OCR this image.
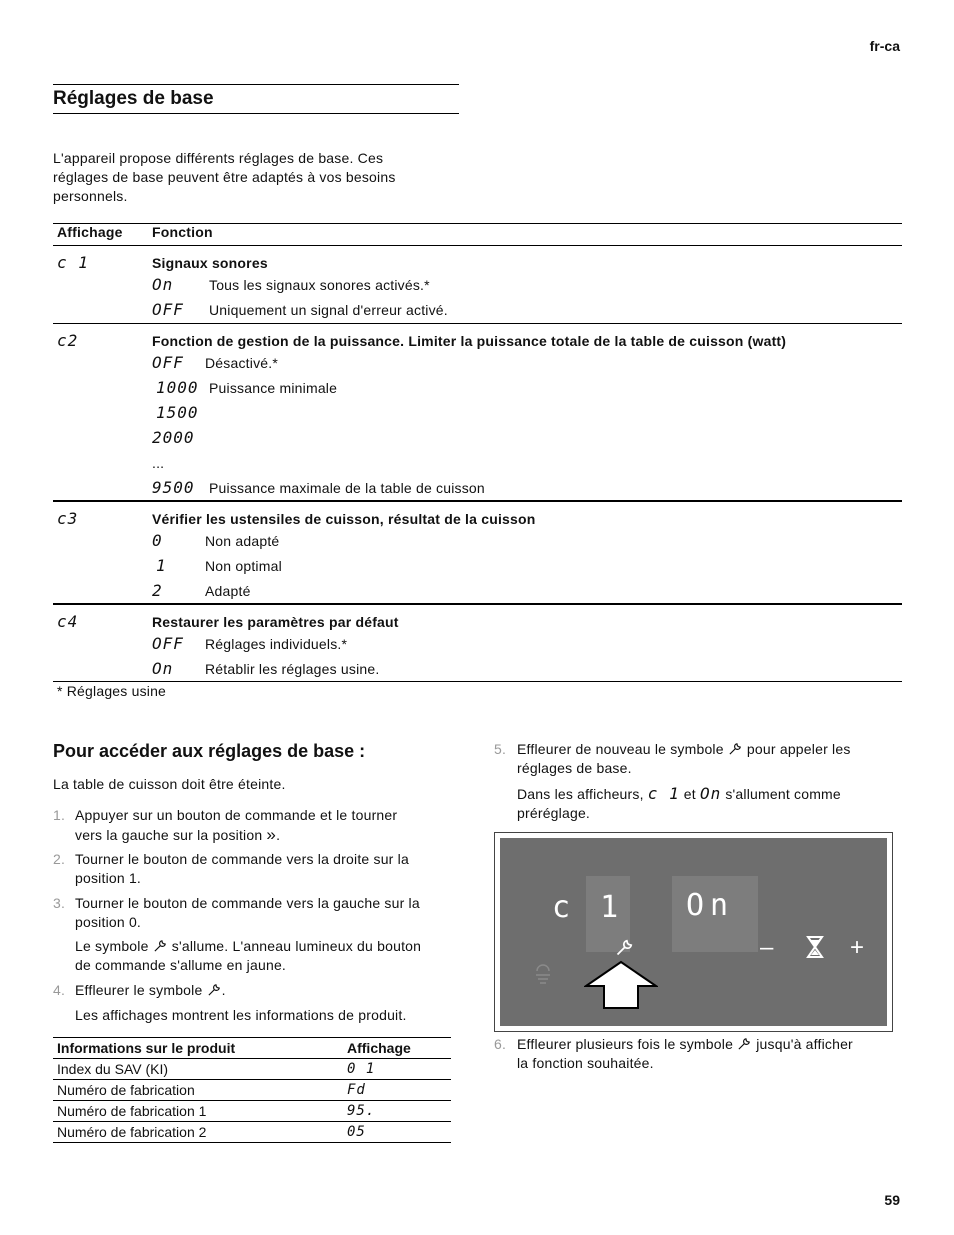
fr-ca
59
Réglages de base
L'appareil propose différents réglages de base. Ces
réglages de base peuvent être adaptés à vos besoins
personnels.
Affichage Fonction
c 1	Signaux sonores
On	Tous les signaux sonores activés.*
OFF Uniquement un signal d'erreur activé.
c2	Fonction de gestion de la puissance. Limiter la puissance totale de la table de cuisson (watt)
OFF Désactivé.*
1000 Puissance minimale
1500
2000
...
9500 Puissance maximale de la table de cuisson
c3	Vérifier les ustensiles de cuisson, résultat de la cuisson
0	Non adapté
1	Non optimal
2	Adapté
c4	Restaurer les paramètres par défaut
OFF Réglages individuels.*
On Rétablir les réglages usine.
* Réglages usine
Pour accéder aux réglages de base :
La table de cuisson doit être éteinte.
1. Appuyer sur un bouton de commande et le tourner
vers la gauche sur la position ».
2. Tourner le bouton de commande vers la droite sur la
position 1.
3. Tourner le bouton de commande vers la gauche sur la
position 0.
Le symbole s'allume. L'anneau lumineux du bouton
de commande s'allume en jaune.
4. Effleurer le symbole .
Les affichages montrent les informations de produit.
Informations sur le produit	Affichage
Index du SAV (KI)	0 1
Numéro de fabrication	Fd
Numéro de fabrication 1	95.
Numéro de fabrication 2	05
5. Effleurer de nouveau le symbole pour appeler les
réglages de base.
Dans les afficheurs, c 1 et On s'allument comme
préréglage.
c 1 On
–	+
6. Effleurer plusieurs fois le symbole jusqu'à afficher
la fonction souhaitée.
